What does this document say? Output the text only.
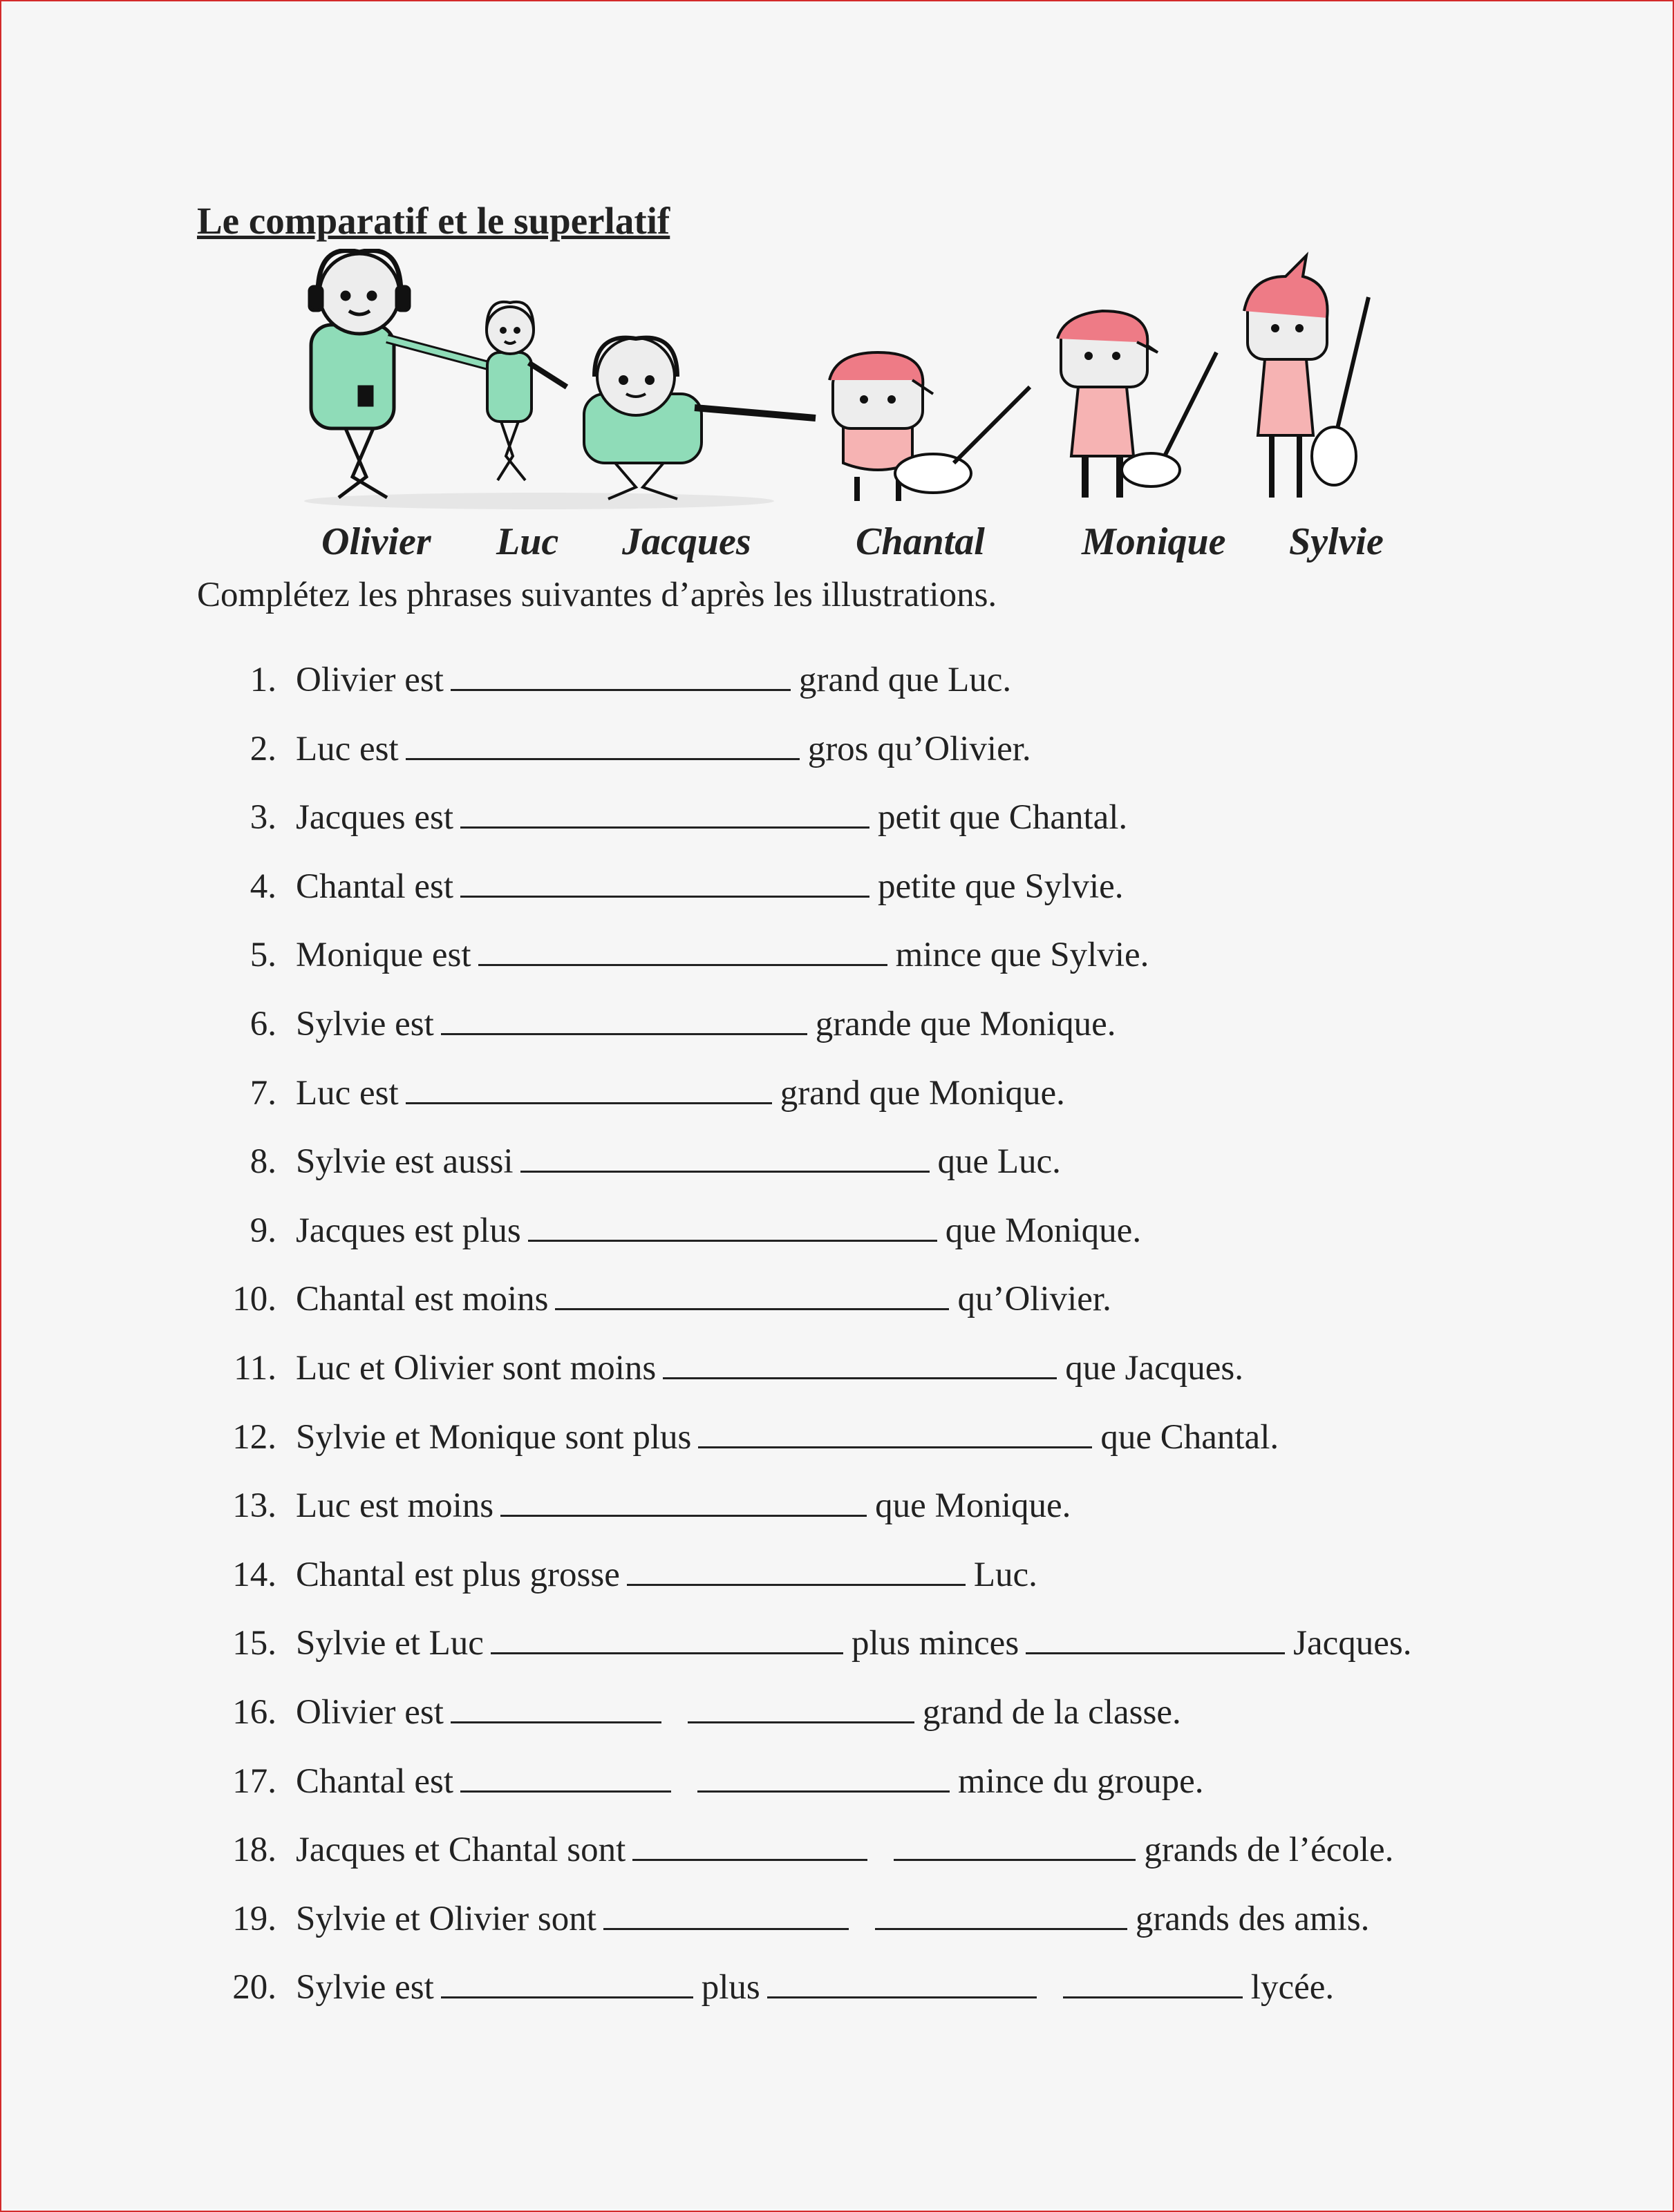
Le comparatif et le superlatif
Olivier Luc Jacques	Chantal	Monique Sylvie
Complétez les phrases suivantes d’après les illustrations.
1. Olivier est	grand que Luc.
2. Luc est	gros qu’Olivier.
3. Jacques est	petit que Chantal.
4. Chantal est	petite que Sylvie.
5. Monique est	mince que Sylvie.
6. Sylvie est	grande que Monique.
7. Luc est	grand que Monique.
8. Sylvie est aussi	que Luc.
9. Jacques est plus	que Monique.
10. Chantal est moins	qu’Olivier.
11. Luc et Olivier sont moins	que Jacques.
12. Sylvie et Monique sont plus	que Chantal.
13. Luc est moins	que Monique.
14. Chantal est plus grosse	Luc.
15. Sylvie et Luc	plus minces	Jacques.
16. Olivier est	grand de la classe.
17. Chantal est	mince du groupe.
18. Jacques et Chantal sont	grands de l’école.
19. Sylvie et Olivier sont	grands des amis.
20. Sylvie est	plus	lycée.
